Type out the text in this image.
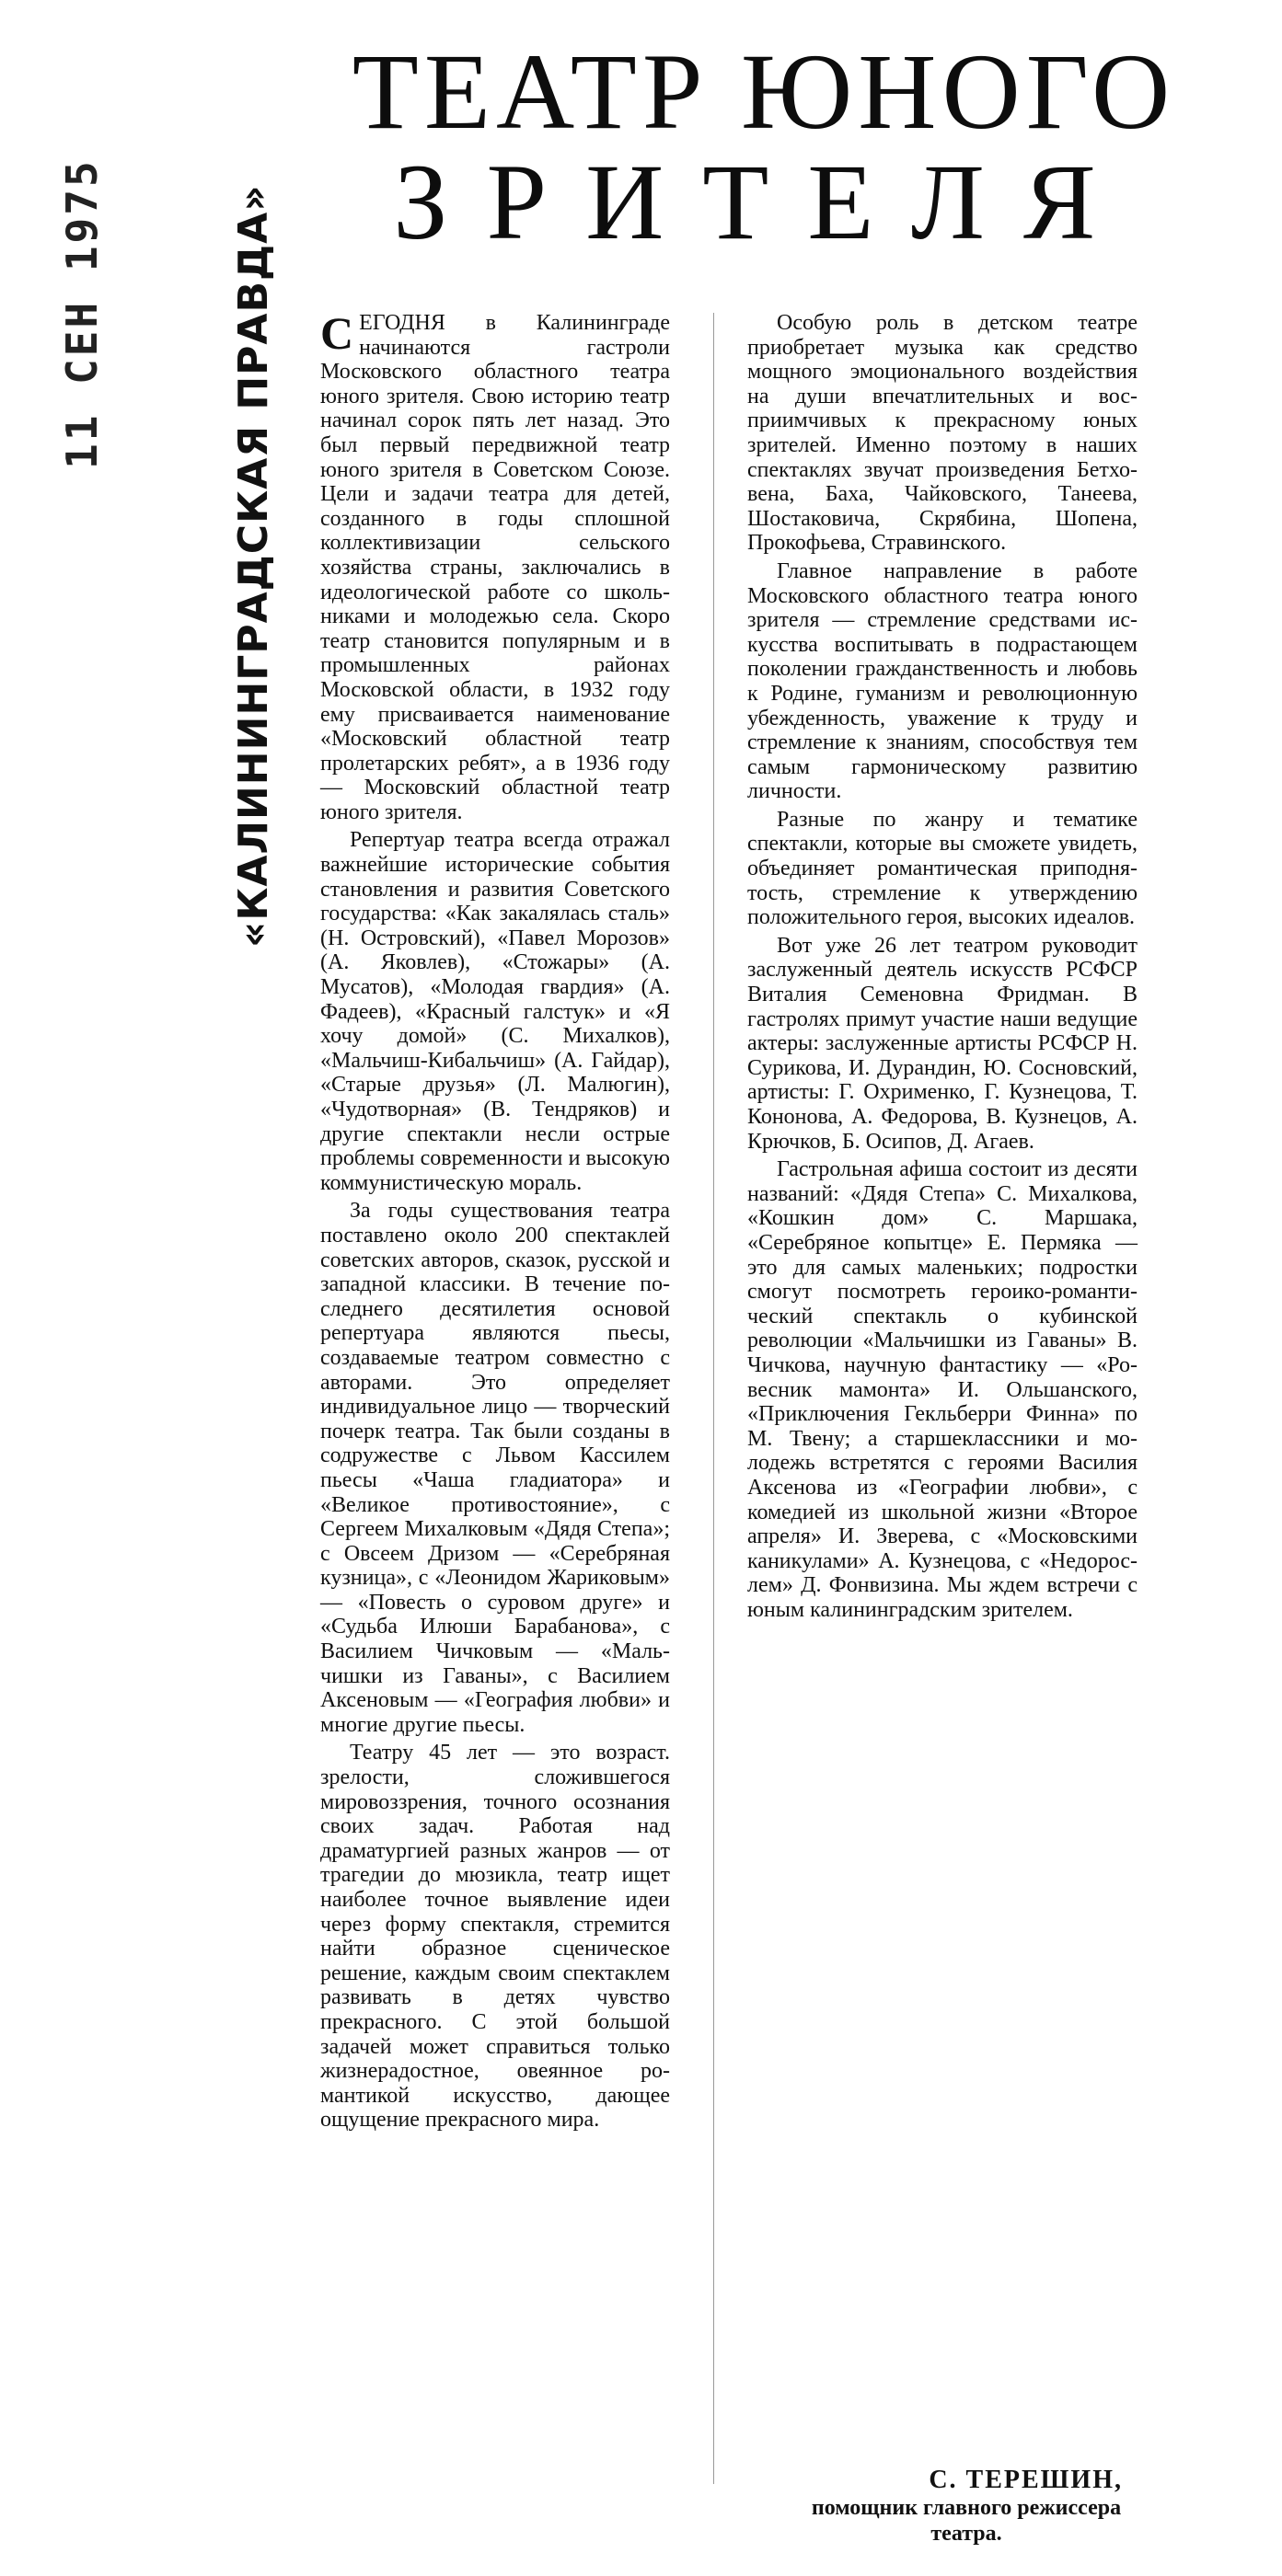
11 СЕН 1975	«КАЛИНИНГРАДСКАЯ ПРАВДА»
ТЕАТР ЮНОГО
ЗРИТЕЛЯ

СЕГОДНЯ в Калининграде начинаются гастроли Московского областного театра юного зрителя. Свою историю театр начинал сорок пять лет назад. Это был первый передвижной театр юного зрителя в Советском Союзе. Цели и задачи театра для детей, созданного в годы сплошной коллективизации сельского хозяйства страны, заключались в идеологической работе со школьниками и молодежью села. Скоро театр становится популярным и в промышленных районах Московской области, в 1932 году ему присваивается наименование «Московский областной театр пролетарских ребят», а в 1936 году — Московский областной театр юного зрителя.

Репертуар театра всегда отражал важнейшие исторические события становления и развития Советского государства: «Как закалялась сталь» (Н. Островский), «Павел Морозов» (А. Яковлев), «Стожары» (А. Мусатов), «Молодая гвардия» (А. Фадеев), «Красный галстук» и «Я хочу домой» (С. Михалков), «Мальчиш-Кибальчиш» (А. Гайдар), «Старые друзья» (Л. Малюгин), «Чудотворная» (В. Тендряков) и другие спектакли несли острые проблемы современности и высокую коммунистическую мораль.

За годы существования театра поставлено около 200 спектаклей советских авторов, сказок, русской и западной классики. В течение последнего десятилетия основой репертуара являются пьесы, создаваемые театром совместно с авторами. Это определяет индивидуальное лицо — творческий почерк театра. Так были созданы в содружестве с Львом Кассилем пьесы «Чаша гладиатора» и «Великое противостояние», с Сергеем Михалковым «Дядя Степа»; с Овсеем Дризом — «Серебряная кузница», с «Леонидом Жариковым» — «Повесть о суровом друге» и «Судьба Илюши Барабанова», с Василием Чичковым — «Мальчишки из Гаваны», с Василием Аксеновым — «География любви» и многие другие пьесы.

Театру 45 лет — это возраст. зрелости, сложившегося мировоззрения, точного осознания своих задач. Работая над драматургией разных жанров — от трагедии до мюзикла, театр ищет наиболее точное выявление идеи через форму спектакля, стремится найти образное сценическое решение, каждым своим спектаклем развивать в детях чувство прекрасного. С этой большой задачей может справиться только жизнерадостное, овеянное романтикой искусство, дающее ощущение прекрасного мира.

Особую роль в детском театре приобретает музыка как средство мощного эмоционального воздействия на души впечатлительных и восприимчивых к прекрасному юных зрителей. Именно поэтому в наших спектаклях звучат произведения Бетховена, Баха, Чайковского, Танеева, Шостаковича, Скрябина, Шопена, Прокофьева, Стравинского.

Главное направление в работе Московского областного театра юного зрителя — стремление средствами искусства воспитывать в подрастающем поколении гражданственность и любовь к Родине, гуманизм и революционную убежденность, уважение к труду и стремление к знаниям, способствуя тем самым гармоническому развитию личности.

Разные по жанру и тематике спектакли, которые вы сможете увидеть, объединяет романтическая приподнятость, стремление к утверждению положительного героя, высоких идеалов.

Вот уже 26 лет театром руководит заслуженный деятель искусств РСФСР Виталия Семеновна Фридман. В гастролях примут участие наши ведущие актеры: заслуженные артисты РСФСР Н. Сурикова, И. Дурандин, Ю. Сосновский, артисты: Г. Охрименко, Г. Кузнецова, Т. Кононова, А. Федорова, В. Кузнецов, А. Крючков, Б. Осипов, Д. Агаев.

Гастрольная афиша состоит из десяти названий: «Дядя Степа» С. Михалкова, «Кошкин дом» С. Маршака, «Серебряное копытце» Е. Пермяка — это для самых маленьких; подростки смогут посмотреть героико-романтический спектакль о кубинской революции «Мальчишки из Гаваны» В. Чичкова, научную фантастику — «Ровесник мамонта» И. Ольшанского, «Приключения Гекльберри Финна» по М. Твену; а старшеклассники и молодежь встретятся с героями Василия Аксенова из «Географии любви», с комедией из школьной жизни «Второе апреля» И. Зверева, с «Московскими каникулами» А. Кузнецова, с «Недорослем» Д. Фонвизина. Мы ждем встречи с юным калининградским зрителем.

С. ТЕРЕШИН,
помощник главного режиссера театра.
